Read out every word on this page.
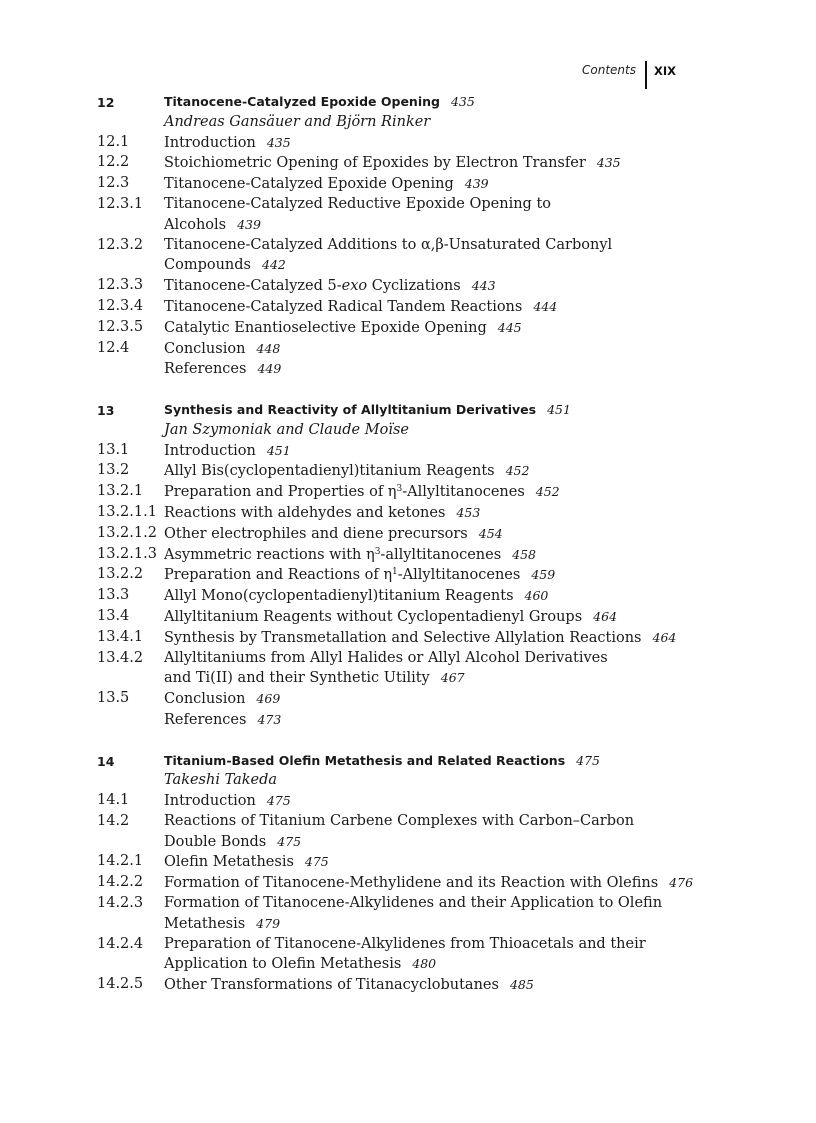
Contents XIX
12	Titanocene-Catalyzed Epoxide Opening 435
Andreas Gansäuer and Björn Rinker
12.1	Introduction 435
12.2	Stoichiometric Opening of Epoxides by Electron Transfer 435
12.3	Titanocene-Catalyzed Epoxide Opening 439
12.3.1	Titanocene-Catalyzed Reductive Epoxide Opening to
Alcohols 439
12.3.2	Titanocene-Catalyzed Additions to α,β-Unsaturated Carbonyl
Compounds 442
12.3.3	Titanocene-Catalyzed 5-exo Cyclizations 443
12.3.4	Titanocene-Catalyzed Radical Tandem Reactions 444
12.3.5	Catalytic Enantioselective Epoxide Opening 445
12.4	Conclusion 448
References 449
13	Synthesis and Reactivity of Allyltitanium Derivatives 451
Jan Szymoniak and Claude Moïse
13.1	Introduction 451
13.2	Allyl Bis(cyclopentadienyl)titanium Reagents 452
13.2.1	Preparation and Properties of $\eta^3$-Allyltitanocenes 452
13.2.1.1 Reactions with aldehydes and ketones 453
13.2.1.2 Other electrophiles and diene precursors 454
13.2.1.3 Asymmetric reactions with $\eta^3$-allyltitanocenes 458
13.2.2	Preparation and Reactions of $\eta^1$-Allyltitanocenes 459
13.3	Allyl Mono(cyclopentadienyl)titanium Reagents 460
13.4	Allyltitanium Reagents without Cyclopentadienyl Groups 464
13.4.1	Synthesis by Transmetallation and Selective Allylation Reactions 464
13.4.2	Allyltitaniums from Allyl Halides or Allyl Alcohol Derivatives
and Ti(II) and their Synthetic Utility 467
13.5	Conclusion 469
References 473
14	Titanium-Based Olefin Metathesis and Related Reactions 475
Takeshi Takeda
14.1	Introduction 475
14.2	Reactions of Titanium Carbene Complexes with Carbon–Carbon
Double Bonds 475
14.2.1	Olefin Metathesis 475
14.2.2	Formation of Titanocene-Methylidene and its Reaction with Olefins 476
14.2.3	Formation of Titanocene-Alkylidenes and their Application to Olefin
Metathesis 479
14.2.4	Preparation of Titanocene-Alkylidenes from Thioacetals and their
Application to Olefin Metathesis 480
14.2.5	Other Transformations of Titanacyclobutanes 485
